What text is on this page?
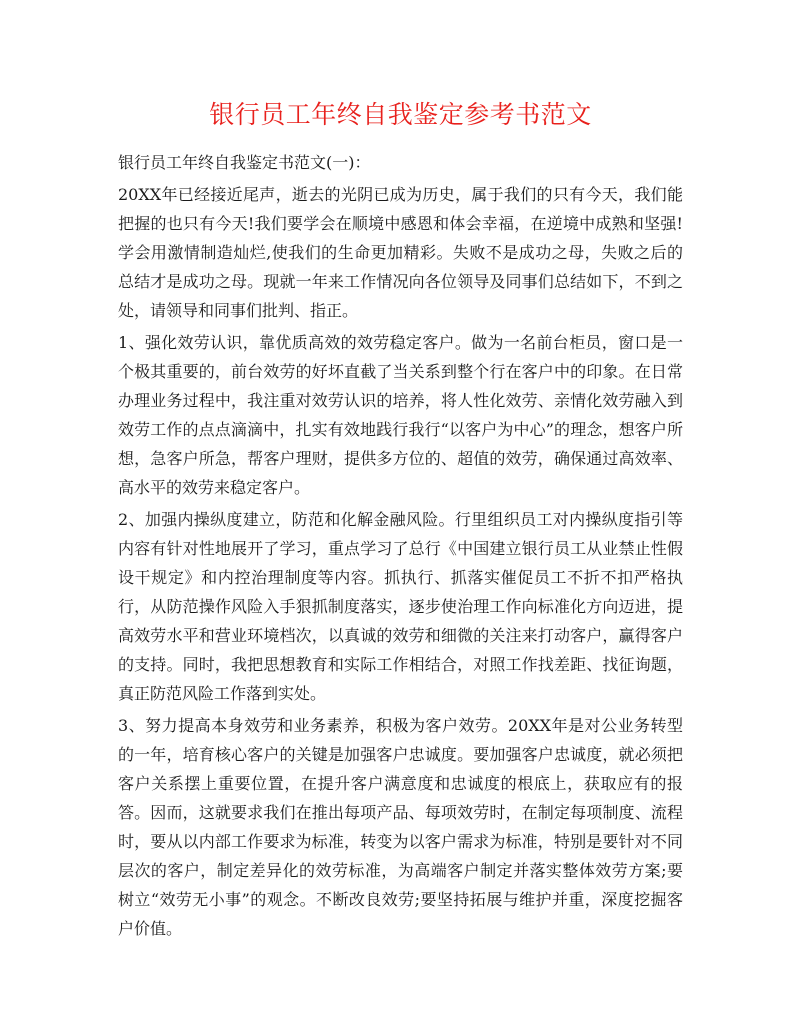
银行员工年终自我鉴定参考书范文

银行员工年终自我鉴定书范文(一)：

20XX年已经接近尾声，逝去的光阴已成为历史，属于我们的只有今天，我们能把握的也只有今天!我们要学会在顺境中感恩和体会幸福，在逆境中成熟和坚强!学会用激情制造灿烂,使我们的生命更加精彩。失败不是成功之母，失败之后的总结才是成功之母。现就一年来工作情况向各位领导及同事们总结如下，不到之处，请领导和同事们批判、指正。

1、强化效劳认识，靠优质高效的效劳稳定客户。做为一名前台柜员，窗口是一个极其重要的，前台效劳的好坏直截了当关系到整个行在客户中的印象。在日常办理业务过程中，我注重对效劳认识的培养，将人性化效劳、亲情化效劳融入到效劳工作的点点滴滴中，扎实有效地践行我行“以客户为中心”的理念，想客户所想，急客户所急，帮客户理财，提供多方位的、超值的效劳，确保通过高效率、高水平的效劳来稳定客户。

2、加强内操纵度建立，防范和化解金融风险。行里组织员工对内操纵度指引等内容有针对性地展开了学习，重点学习了总行《中国建立银行员工从业禁止性假设干规定》和内控治理制度等内容。抓执行、抓落实催促员工不折不扣严格执行，从防范操作风险入手狠抓制度落实，逐步使治理工作向标准化方向迈进，提高效劳水平和营业环境档次，以真诚的效劳和细微的关注来打动客户，赢得客户的支持。同时，我把思想教育和实际工作相结合，对照工作找差距、找征询题，真正防范风险工作落到实处。

3、努力提高本身效劳和业务素养，积极为客户效劳。20XX年是对公业务转型的一年，培育核心客户的关键是加强客户忠诚度。要加强客户忠诚度，就必须把客户关系摆上重要位置，在提升客户满意度和忠诚度的根底上，获取应有的报答。因而，这就要求我们在推出每项产品、每项效劳时，在制定每项制度、流程时，要从以内部工作要求为标准，转变为以客户需求为标准，特别是要针对不同层次的客户，制定差异化的效劳标准，为高端客户制定并落实整体效劳方案;要树立“效劳无小事”的观念。不断改良效劳;要坚持拓展与维护并重，深度挖掘客户价值。
